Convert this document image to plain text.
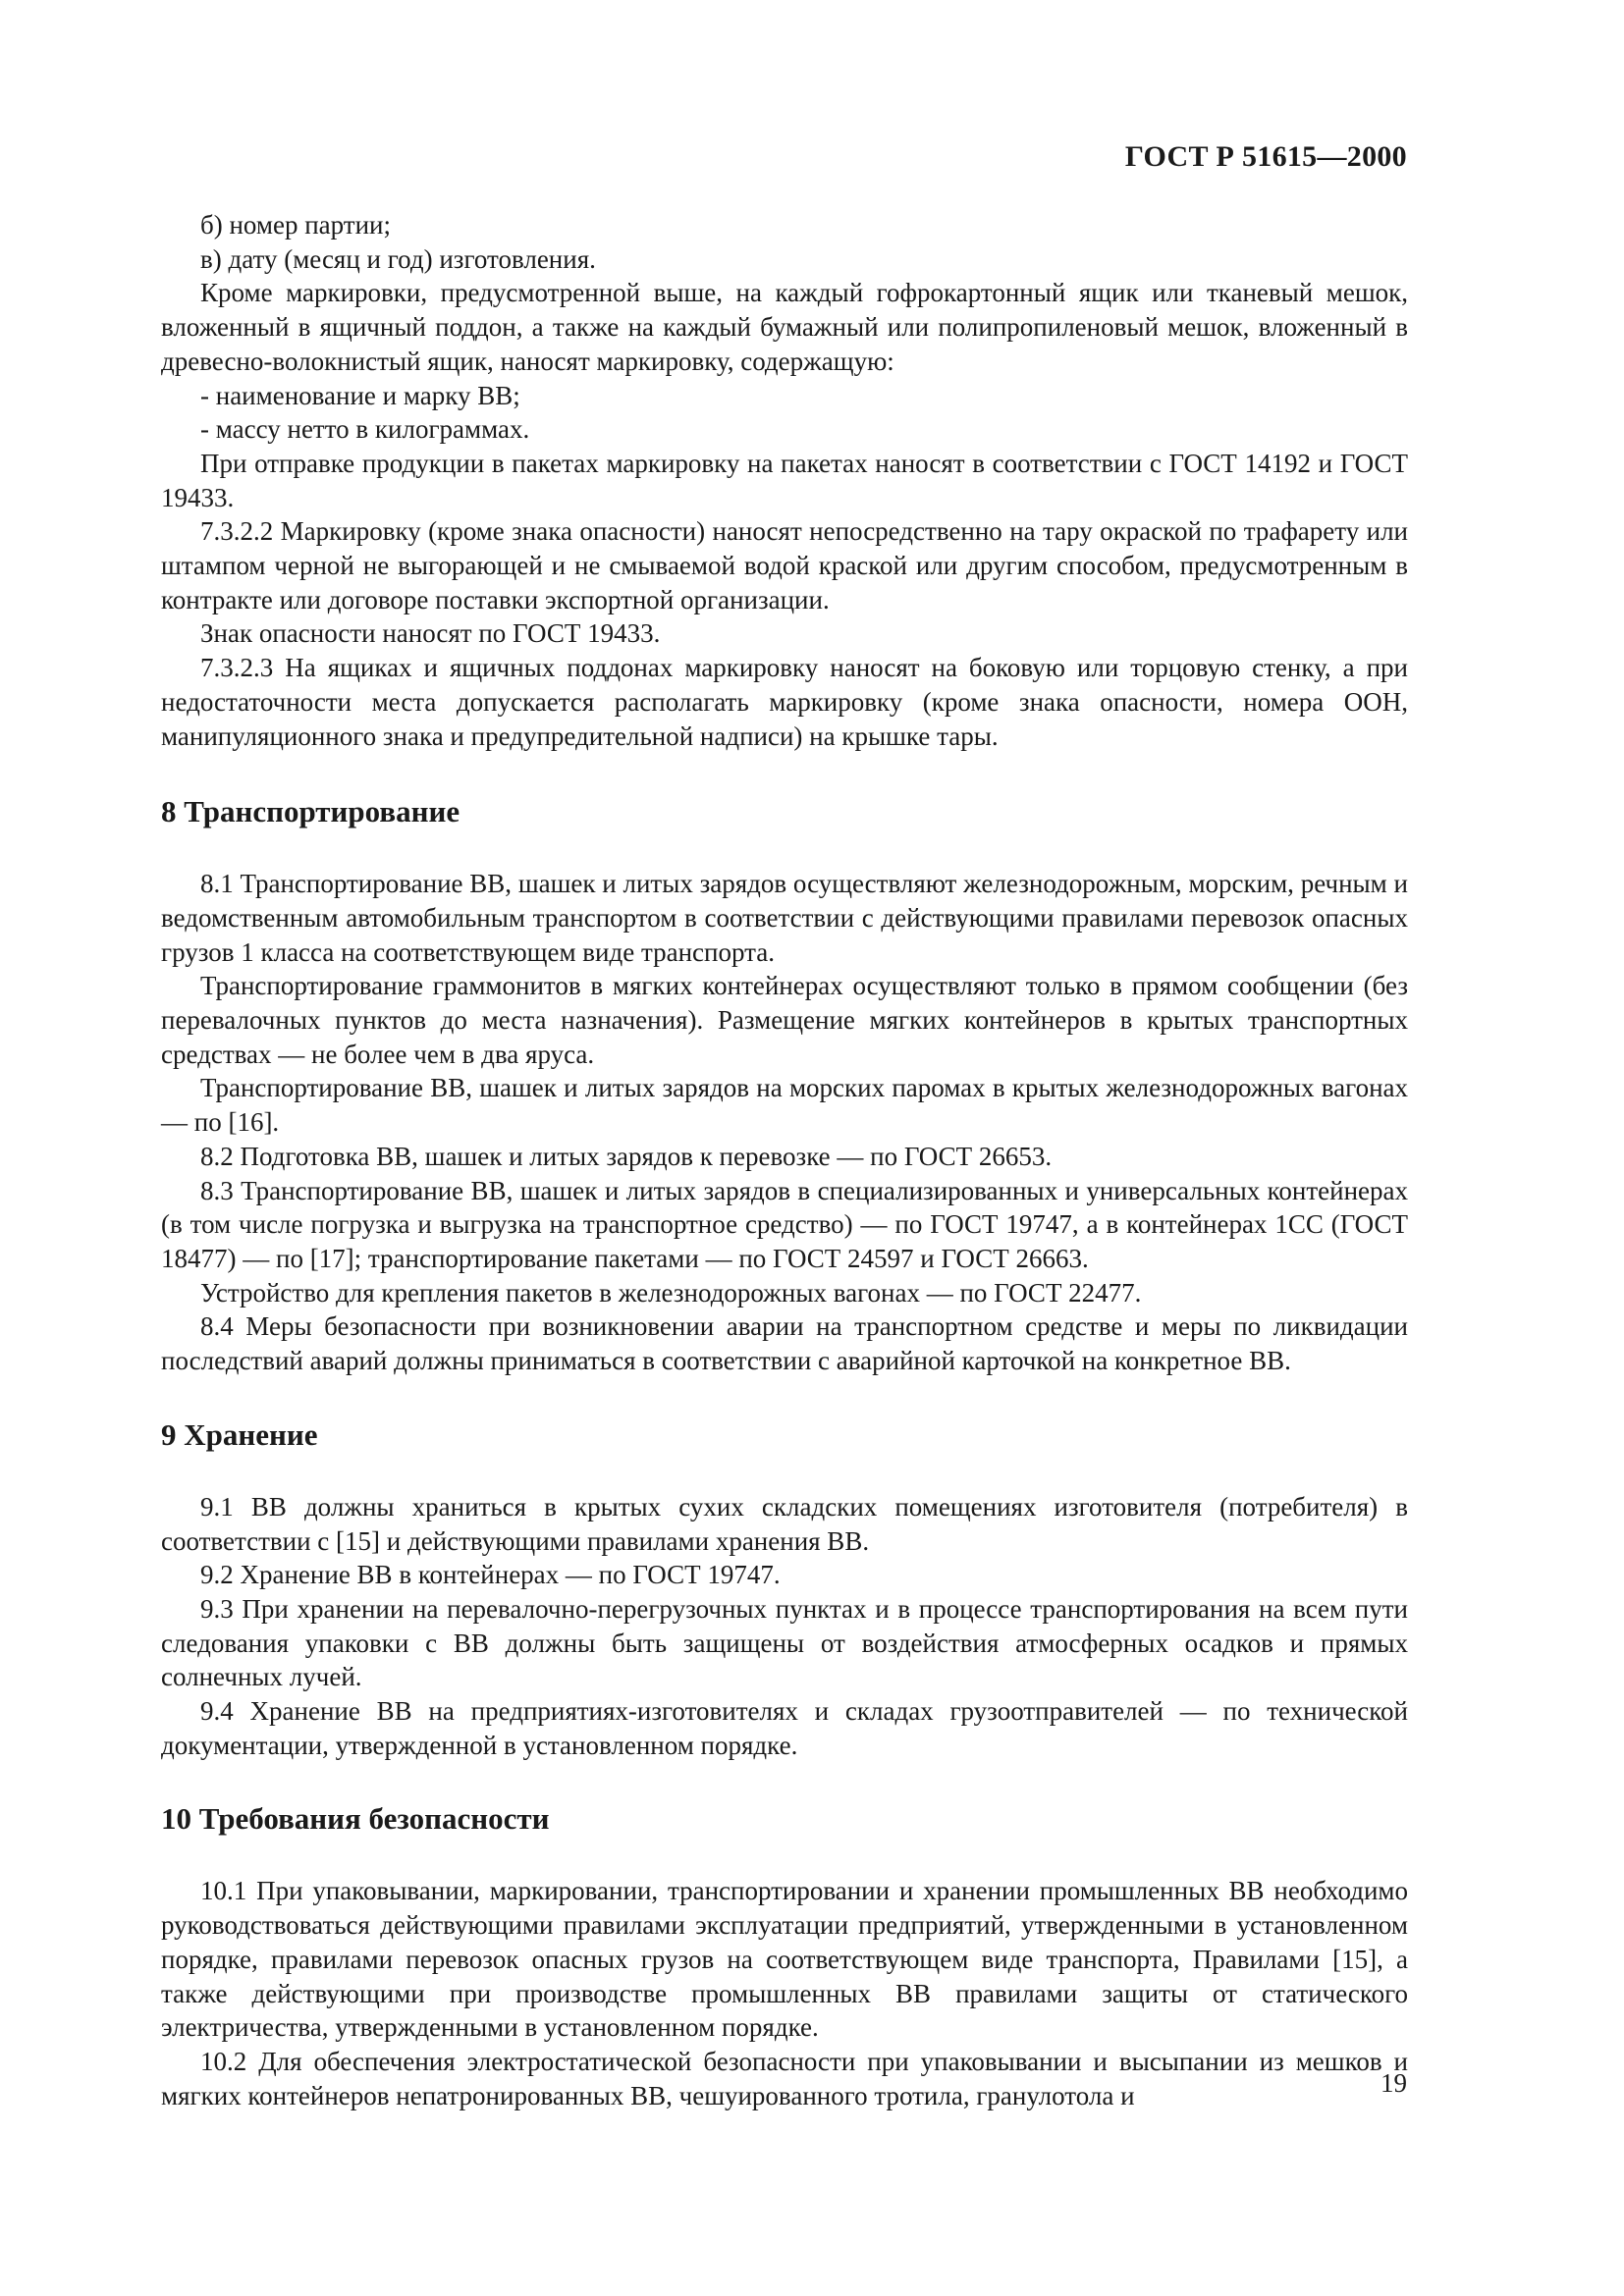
ГОСТ Р 51615—2000

б) номер партии;

в) дату (месяц и год) изготовления.

Кроме маркировки, предусмотренной выше, на каждый гофрокартонный ящик или тканевый мешок, вложенный в ящичный поддон, а также на каждый бумажный или полипропиленовый мешок, вложенный в древесно-волокнистый ящик, наносят маркировку, содержащую:

- наименование и марку ВВ;

- массу нетто в килограммах.

При отправке продукции в пакетах маркировку на пакетах наносят в соответствии с ГОСТ 14192 и ГОСТ 19433.

7.3.2.2 Маркировку (кроме знака опасности) наносят непосредственно на тару окраской по трафарету или штампом черной не выгорающей и не смываемой водой краской или другим способом, предусмотренным в контракте или договоре поставки экспортной организации.

Знак опасности наносят по ГОСТ 19433.

7.3.2.3 На ящиках и ящичных поддонах маркировку наносят на боковую или торцовую стенку, а при недостаточности места допускается располагать маркировку (кроме знака опасности, номера ООН, манипуляционного знака и предупредительной надписи) на крышке тары.

8 Транспортирование

8.1 Транспортирование ВВ, шашек и литых зарядов осуществляют железнодорожным, морским, речным и ведомственным автомобильным транспортом в соответствии с действующими правилами перевозок опасных грузов 1 класса на соответствующем виде транспорта.

Транспортирование граммонитов в мягких контейнерах осуществляют только в прямом сообщении (без перевалочных пунктов до места назначения). Размещение мягких контейнеров в крытых транспортных средствах — не более чем в два яруса.

Транспортирование ВВ, шашек и литых зарядов на морских паромах в крытых железнодорожных вагонах — по [16].

8.2 Подготовка ВВ, шашек и литых зарядов к перевозке — по ГОСТ 26653.

8.3 Транспортирование ВВ, шашек и литых зарядов в специализированных и универсальных контейнерах (в том числе погрузка и выгрузка на транспортное средство) — по ГОСТ 19747, а в контейнерах 1СС (ГОСТ 18477) — по [17]; транспортирование пакетами — по ГОСТ 24597 и ГОСТ 26663.

Устройство для крепления пакетов в железнодорожных вагонах — по ГОСТ 22477.

8.4 Меры безопасности при возникновении аварии на транспортном средстве и меры по ликвидации последствий аварий должны приниматься в соответствии с аварийной карточкой на конкретное ВВ.

9 Хранение

9.1 ВВ должны храниться в крытых сухих складских помещениях изготовителя (потребителя) в соответствии с [15] и действующими правилами хранения ВВ.

9.2 Хранение ВВ в контейнерах — по ГОСТ 19747.

9.3 При хранении на перевалочно-перегрузочных пунктах и в процессе транспортирования на всем пути следования упаковки с ВВ должны быть защищены от воздействия атмосферных осадков и прямых солнечных лучей.

9.4 Хранение ВВ на предприятиях-изготовителях и складах грузоотправителей — по технической документации, утвержденной в установленном порядке.

10 Требования безопасности

10.1 При упаковывании, маркировании, транспортировании и хранении промышленных ВВ необходимо руководствоваться действующими правилами эксплуатации предприятий, утвержденными в установленном порядке, правилами перевозок опасных грузов на соответствующем виде транспорта, Правилами [15], а также действующими при производстве промышленных ВВ правилами защиты от статического электричества, утвержденными в установленном порядке.

10.2 Для обеспечения электростатической безопасности при упаковывании и высыпании из мешков и мягких контейнеров непатронированных ВВ, чешуированного тротила, гранулотола и	19
